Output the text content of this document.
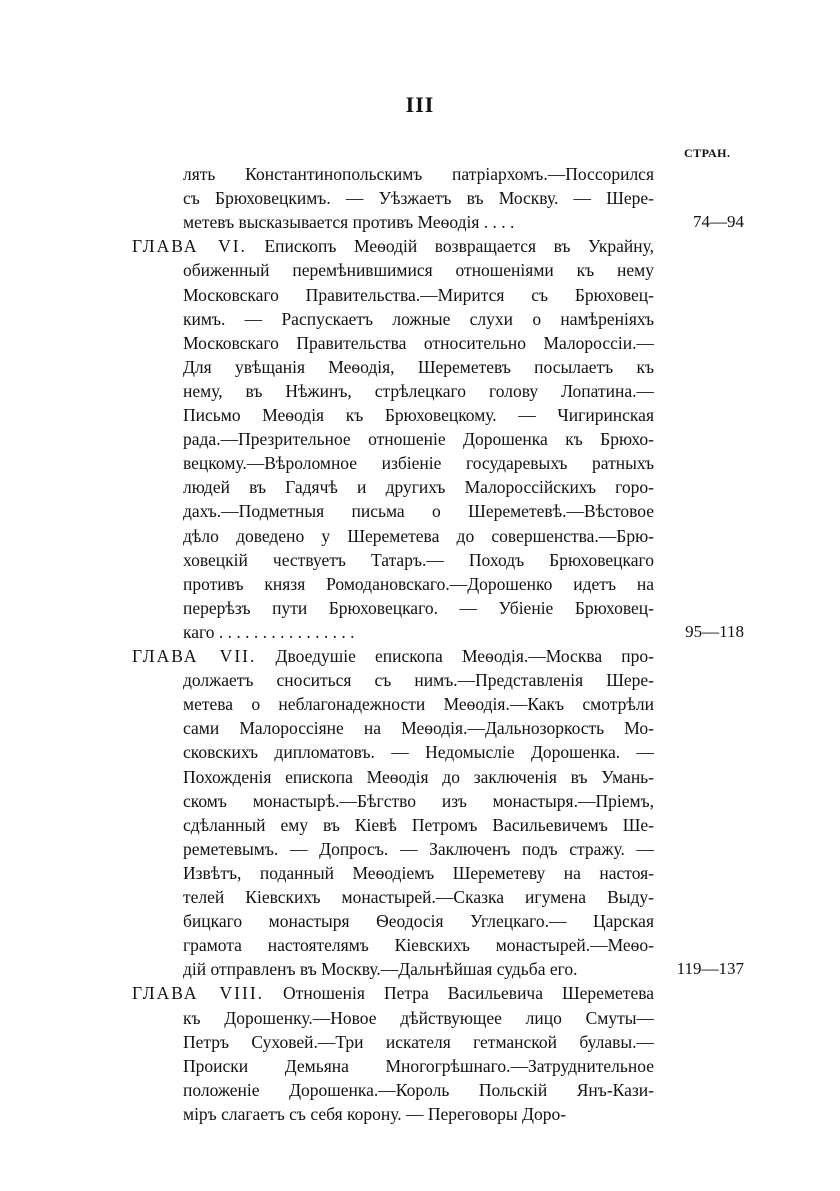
III
СТРАН.
лять Константинопольскимъ патріархомъ.—Поссорился
съ Брюховецкимъ. — Уѣзжаетъ въ Москву. — Шере-
метевъ высказывается противъ Меѳодія . . . .	74—94
ГЛАВА VI. Епископъ Меѳодій возвращается въ Украйну,
обиженный перемѣнившимися отношеніями къ нему
Московскаго Правительства.—Мирится съ Брюховец-
кимъ. — Распускаетъ ложные слухи о намѣреніяхъ
Московскаго Правительства относительно Малороссіи.—
Для увѣщанія Меѳодія, Шереметевъ посылаетъ къ
нему, въ Нѣжинъ, стрѣлецкаго голову Лопатина.—
Письмо Меѳодія къ Брюховецкому. — Чигиринская
рада.—Презрительное отношеніе Дорошенка къ Брюхо-
вецкому.—Вѣроломное избіеніе государевыхъ ратныхъ
людей въ Гадячѣ и другихъ Малороссійскихъ горо-
дахъ.—Подметныя письма о Шереметевѣ.—Вѣстовое
дѣло доведено у Шереметева до совершенства.—Брю-
ховецкій чествуетъ Татаръ.— Походъ Брюховецкаго
противъ князя Ромодановскаго.—Дорошенко идетъ на
перерѣзъ пути Брюховецкаго. — Убіеніе Брюховец-
каго . . . . . . . . . . . . . . . .	95—118
ГЛАВА VII. Двоедушіе епископа Меѳодія.—Москва про-
должаетъ сноситься съ нимъ.—Представленія Шере-
метева о неблагонадежности Меѳодія.—Какъ смотрѣли
сами Малороссіяне на Меѳодія.—Дальнозоркость Мо-
сковскихъ дипломатовъ. — Недомысліе Дорошенка. —
Похожденія епископа Меѳодія до заключенія въ Умань-
скомъ монастырѣ.—Бѣгство изъ монастыря.—Пріемъ,
сдѣланный ему въ Кіевѣ Петромъ Васильевичемъ Ше-
реметевымъ. — Допросъ. — Заключенъ подъ стражу. —
Извѣтъ, поданный Меѳодіемъ Шереметеву на настоя-
телей Кіевскихъ монастырей.—Сказка игумена Выду-
бицкаго монастыря Ѳеодосія Углецкаго.— Царская
грамота настоятелямъ Кіевскихъ монастырей.—Меѳо-
дій отправленъ въ Москву.—Дальнѣйшая судьба его.	119—137
ГЛАВА VIII. Отношенія Петра Васильевича Шереметева
къ Дорошенку.—Новое дѣйствующее лицо Смуты—
Петръ Суховей.—Три искателя гетманской булавы.—
Происки Демьяна Многогрѣшнаго.—Затруднительное
положеніе Дорошенка.—Король Польскій Янъ-Кази-
міръ слагаетъ съ себя корону. — Переговоры Доро-
